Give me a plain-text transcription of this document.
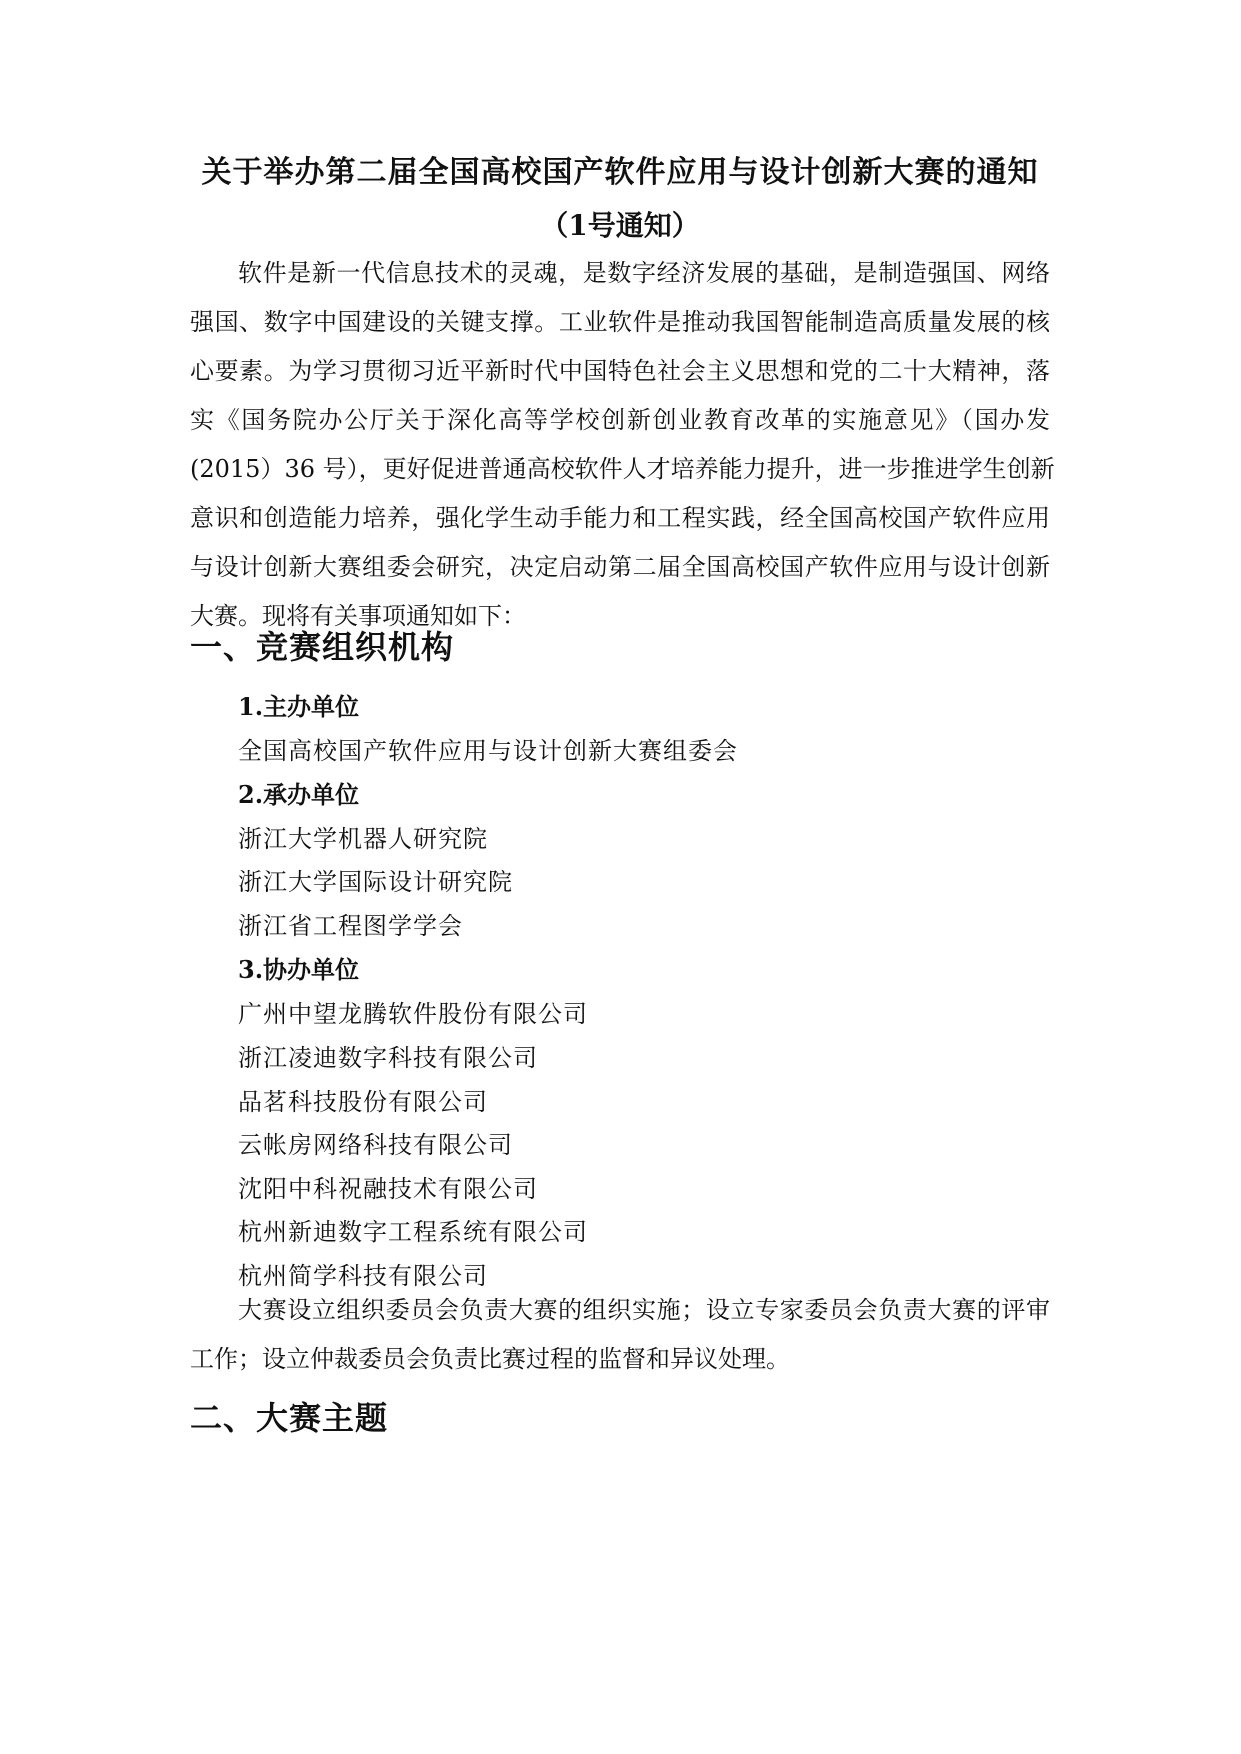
关于举办第二届全国高校国产软件应用与设计创新大赛的通知
（1号通知）
软件是新一代信息技术的灵魂，是数字经济发展的基础，是制造强国、网络
强国、数字中国建设的关键支撑。工业软件是推动我国智能制造高质量发展的核
心要素。为学习贯彻习近平新时代中国特色社会主义思想和党的二十大精神，落
实《国务院办公厅关于深化高等学校创新创业教育改革的实施意见》（国办发
(2015）36 号），更好促进普通高校软件人才培养能力提升，进一步推进学生创新
意识和创造能力培养，强化学生动手能力和工程实践，经全国高校国产软件应用
与设计创新大赛组委会研究，决定启动第二届全国高校国产软件应用与设计创新
大赛。现将有关事项通知如下：
一、竞赛组织机构
1.主办单位
全国高校国产软件应用与设计创新大赛组委会
2.承办单位
浙江大学机器人研究院
浙江大学国际设计研究院
浙江省工程图学学会
3.协办单位
广州中望龙腾软件股份有限公司
浙江凌迪数字科技有限公司
品茗科技股份有限公司
云帐房网络科技有限公司
沈阳中科祝融技术有限公司
杭州新迪数字工程系统有限公司
杭州简学科技有限公司
大赛设立组织委员会负责大赛的组织实施；设立专家委员会负责大赛的评审
工作；设立仲裁委员会负责比赛过程的监督和异议处理。
二、大赛主题
